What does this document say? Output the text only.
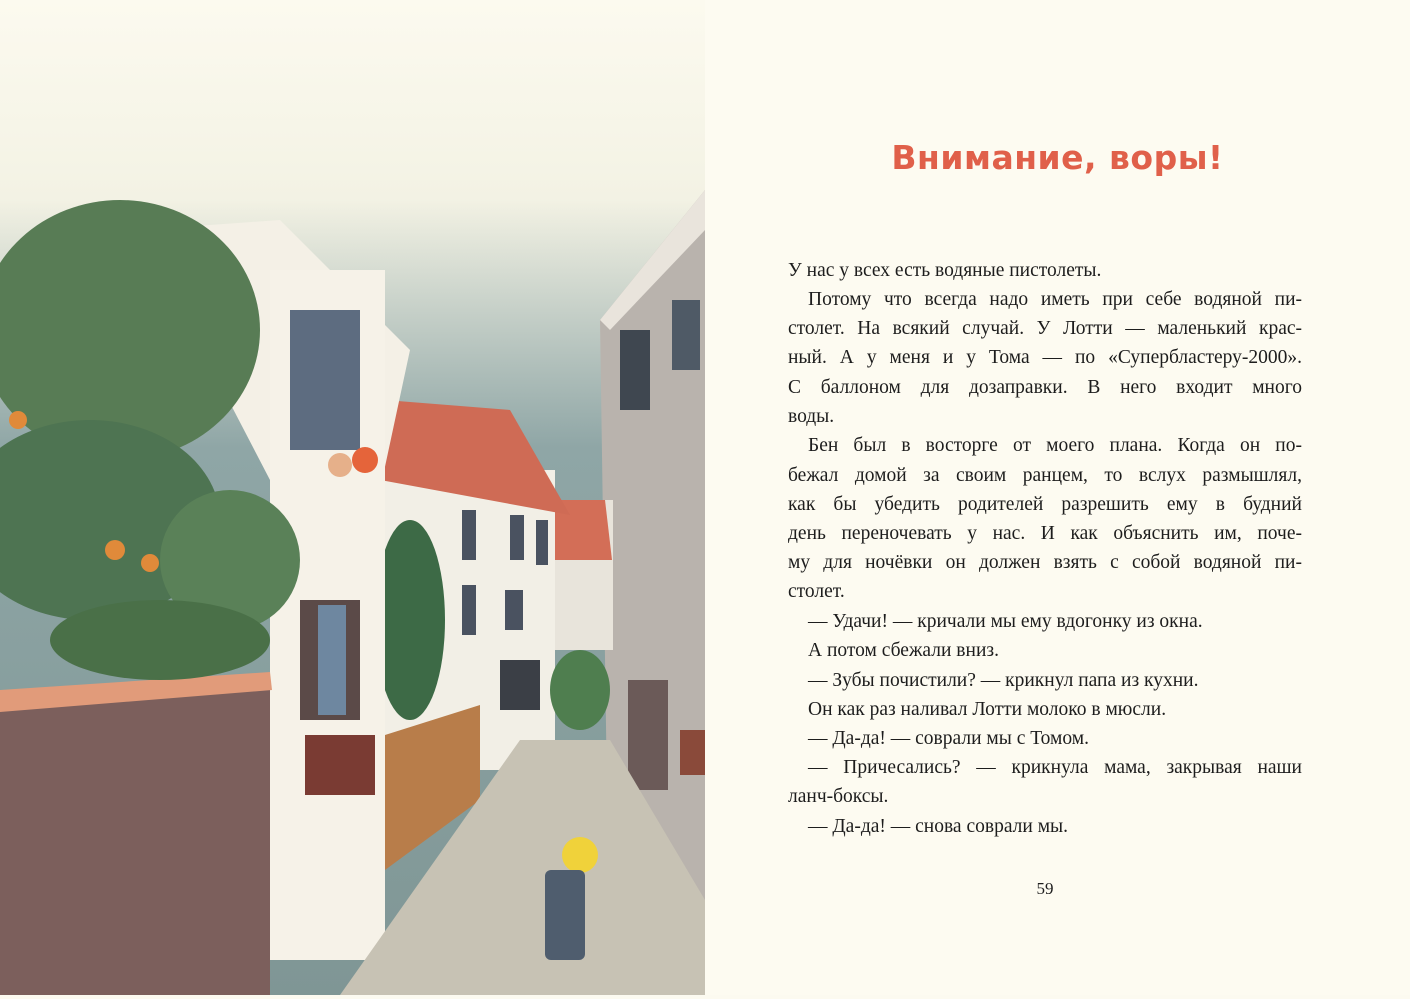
Внимание, воры!
У нас у всех есть водяные пистолеты.
Потому что всегда надо иметь при себе водяной пи-
столет. На всякий случай. У Лотти — маленький крас-
ный. А у меня и у Тома — по «Суперблaстеру-2000».
С баллоном для дозаправки. В него входит много
воды.
Бен был в восторге от моего плана. Когда он по-
бежал домой за своим ранцем, то вслух размышлял,
как бы убедить родителей разрешить ему в будний
день переночевать у нас. И как объяснить им, поче-
му для ночёвки он должен взять с собой водяной пи-
столет.
— Удачи! — кричали мы ему вдогонку из окна.
А потом сбежали вниз.
— Зубы почистили? — крикнул папа из кухни.
Он как раз наливал Лотти молоко в мюсли.
— Да-да! — соврали мы с Томом.
— Причесались? — крикнула мама, закрывая наши
ланч-боксы.
— Да-да! — снова соврали мы.
59
